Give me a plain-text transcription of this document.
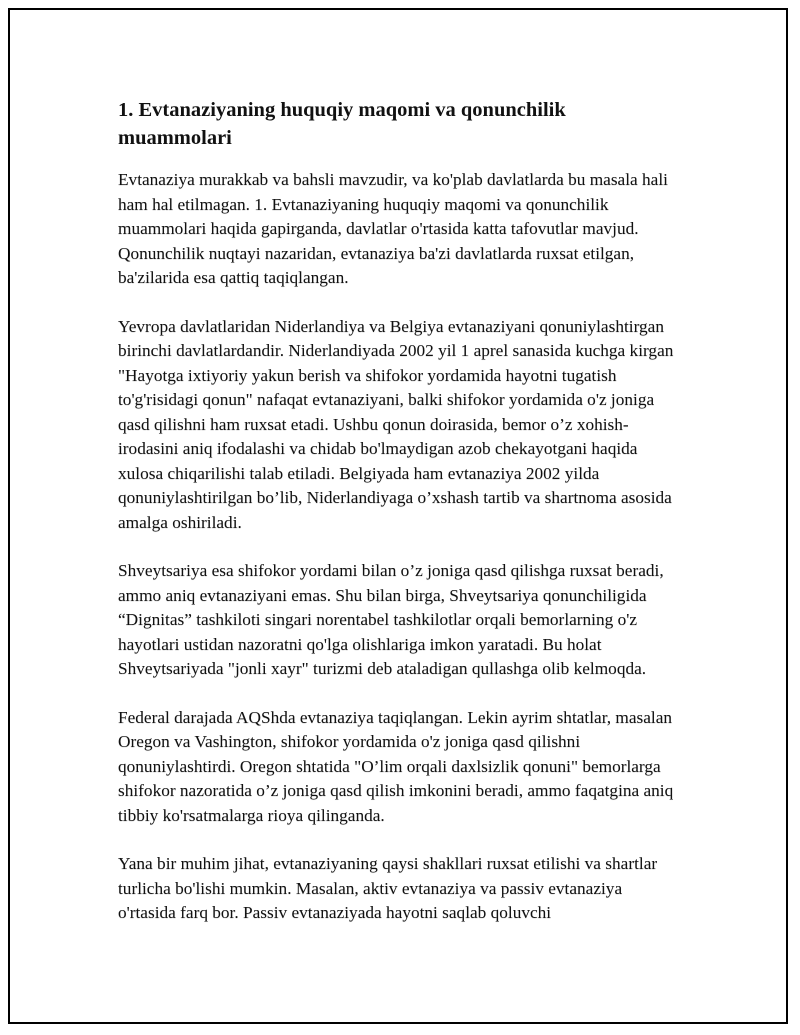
1. Evtanaziyaning huquqiy maqomi va qonunchilik muammolari

Evtanaziya murakkab va bahsli mavzudir, va ko'plab davlatlarda bu masala hali ham hal etilmagan. 1. Evtanaziyaning huquqiy maqomi va qonunchilik muammolari haqida gapirganda, davlatlar o'rtasida katta tafovutlar mavjud. Qonunchilik nuqtayi nazaridan, evtanaziya ba'zi davlatlarda ruxsat etilgan, ba'zilarida esa qattiq taqiqlangan.

Yevropa davlatlaridan Niderlandiya va Belgiya evtanaziyani qonuniylashtirgan birinchi davlatlardandir. Niderlandiyada 2002 yil 1 aprel sanasida kuchga kirgan "Hayotga ixtiyoriy yakun berish va shifokor yordamida hayotni tugatish to'g'risidagi qonun" nafaqat evtanaziyani, balki shifokor yordamida o'z joniga qasd qilishni ham ruxsat etadi. Ushbu qonun doirasida, bemor o’z xohish-irodasini aniq ifodalashi va chidab bo'lmaydigan azob chekayotgani haqida xulosa chiqarilishi talab etiladi. Belgiyada ham evtanaziya 2002 yilda qonuniylashtirilgan bo’lib, Niderlandiyaga o’xshash tartib va shartnoma asosida amalga oshiriladi.

Shveytsariya esa shifokor yordami bilan o’z joniga qasd qilishga ruxsat beradi, ammo aniq evtanaziyani emas. Shu bilan birga, Shveytsariya qonunchiligida “Dignitas” tashkiloti singari norentabel tashkilotlar orqali bemorlarning o'z hayotlari ustidan nazoratni qo'lga olishlariga imkon yaratadi. Bu holat Shveytsariyada "jonli xayr" turizmi deb ataladigan qullashga olib kelmoqda.

Federal darajada AQShda evtanaziya taqiqlangan. Lekin ayrim shtatlar, masalan Oregon va Vashington, shifokor yordamida o'z joniga qasd qilishni qonuniylashtirdi. Oregon shtatida "O’lim orqali daxlsizlik qonuni" bemorlarga shifokor nazoratida o’z joniga qasd qilish imkonini beradi, ammo faqatgina aniq tibbiy ko'rsatmalarga rioya qilinganda.

Yana bir muhim jihat, evtanaziyaning qaysi shakllari ruxsat etilishi va shartlar turlicha bo'lishi mumkin. Masalan, aktiv evtanaziya va passiv evtanaziya o'rtasida farq bor. Passiv evtanaziyada hayotni saqlab qoluvchi
